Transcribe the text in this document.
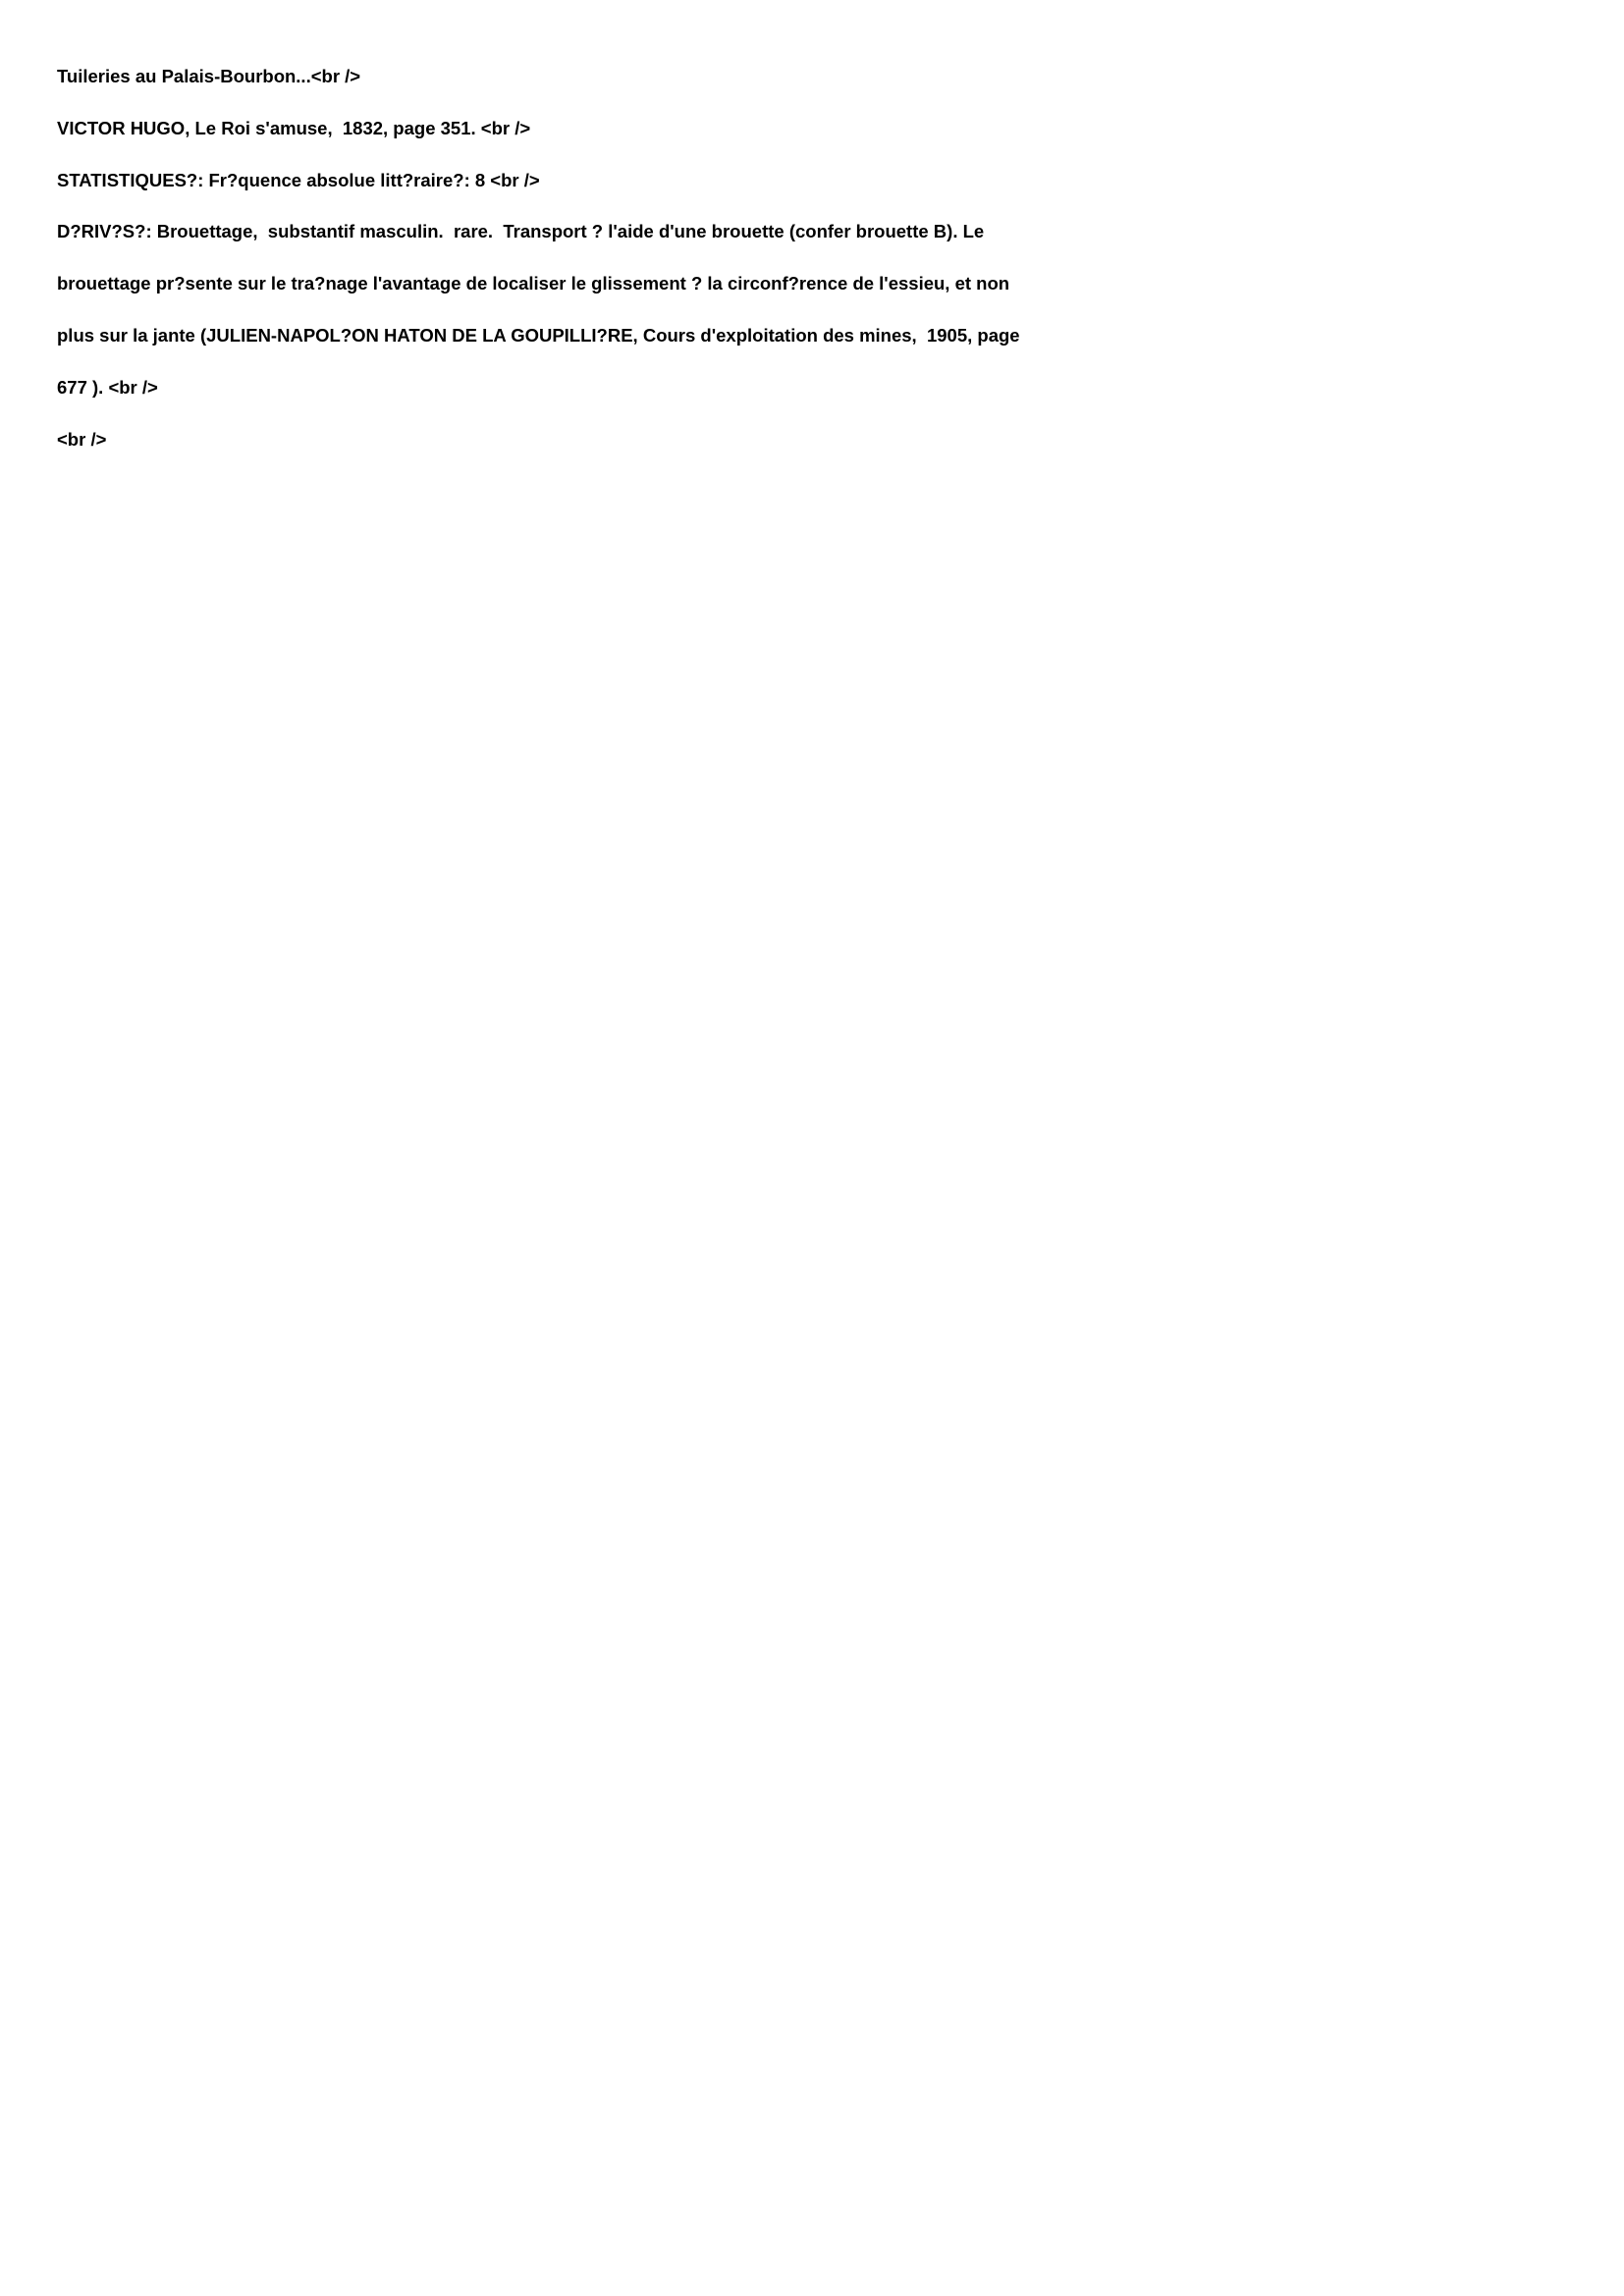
Tuileries au Palais-Bourbon...<br />

VICTOR HUGO, Le Roi s'amuse,  1832, page 351. <br />

STATISTIQUES?: Fr?quence absolue litt?raire?: 8 <br />

D?RIV?S?: Brouettage,  substantif masculin.  rare.  Transport ? l'aide d'une brouette (confer brouette B). Le

brouettage pr?sente sur le tra?nage l'avantage de localiser le glissement ? la circonf?rence de l'essieu, et non

plus sur la jante (JULIEN-NAPOL?ON HATON DE LA GOUPILLI?RE, Cours d'exploitation des mines,  1905, page

677 ). <br />

<br />
